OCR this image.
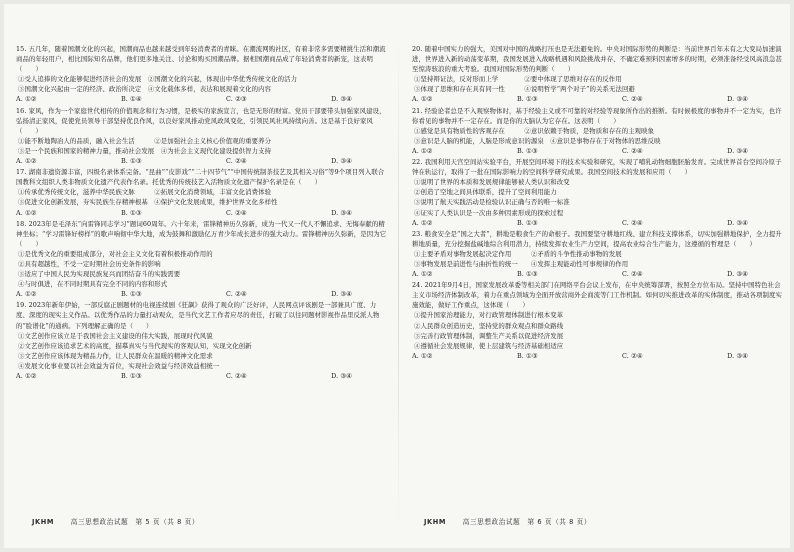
15. 五几年，随着国潮文化的兴起，国潮商品也越来越受到年轻消费者的青睐。在潮流网购社区，有着非常多需要精挑生活和潮流商品的年轻用户，相比国际知名品牌，他们更多地关注、讨论和购买国潮品牌。据相国潮商品成了年轻消费者的新宠，这表明（　　）
①受人追捧的文化能够促进经济社会的发展　②国潮文化的兴起，体现出中华优秀传统文化的活力
③国潮文化兴起由一定的经济、政治所决定　④文化载体多样，表达和展现着文化的内容
A. ①②	B. ①④	C. ②③	D. ③④
16. 家风，作为一个家庭世代相传的价值观念和行为习惯，是极实的家族宣言，也是无形的财富。党员干部要带头加强家风建设，弘扬清正家风，促使党员领导干部坚持优良作风，以良好家风推动党风政风变化，引领民风社风持续向善。这是基于良好家风（　　）
①能不断地陶冶人的品质，融入社会生活　　　②是加强社会主义核心价值观的重要养分
③是一个民族和国家的精神力量，推动社会发展　④为社会主义现代化建设提供智力支持
A. ①②	B. ①③	C. ②④	D. ③④
17. 湖南非遗资源丰富，四级名录体系完备。“昆曲”“皮影戏”“二十四节气”“中国传统制茶技艺及其相关习俗”等9个项目列入联合国教科文组织人类非物质文化遗产代表作名录。托优秀的传统技艺入活物质文化遗产保护名录是在（　　）
①传承优秀传统文化，滋养中华民族文脉　　　②拓展文化消费领域，丰富文化消费体验
③促进文化创新发展，夯实民族生存精神根基　④保护文化发展成果，维护世界文化多样性
A. ①②	B. ①③	C. ②④	D. ③④
18. 2023年是毛泽东“向雷锋同志学习”题词60周年。六十年来，雷锋精神历久弥新，成为一代又一代人不懈追求、无悔奉献的精神坐标；“学习雷锋好榜样”的歌声响彻中华大地，成为鼓舞和激励亿万青少年成长进步的强大动力。雷锋精神历久弥新，是因为它（　　）
①是优秀文化的重要组成部分，对社会主义文化有着积极推动作用的
②具有超越性，不受一定时期社会历史条件的影响
③适应了中国人民为实现民族复兴而团结奋斗的实践需要
④与时俱进，在不同时期具有完全不同的内容和形式
A. ①②	B. ①③	C. ②④	D. ③④
19. 2023年新年伊始，一部反腐正剧题材的电视连续剧《狂飙》获得了观众的广泛好评，人民网点评该剧是一部兼具广度、力度、深度的现实主义作品。以优秀作品的力量打动观众，是当代文艺工作者应尽的责任，打破了以往同题材影视作品里反派人物的“脸谱化”的通病。下列理解正确的是（　　）
①文艺创作应该立足于我国社会主义建设的伟大实践，展现时代风貌
②文艺创作应该追求艺术的高度，描摹真实与当代现实的客观认知，实现文化创新
③文艺创作应该体现为精品力作，让人民群众在温暖的精神文化需求
④发展文化事业要以社会效益为首位，实现社会效益与经济效益相统一
A. ①②	B. ①③	C. ②④	D. ③④
20. 随着中国实力的强大，美国对中国的战略打压也是无法避免的。中央对国际形势的判断是：当前世界百年未有之大变局加速演进，世界进入新的动荡变革期，我国发展进入战略机遇和风险挑战并存、不确定难预料因素增多的时期，必须准备经受风高浪急甚至惊涛骇浪的重大考验。我国对国际形势的判断（　　）
①坚持辩证法，反对形而上学　　　　②要中体现了思维对存在的反作用
③体现了思维和存在具有同一性　　　④说明哲学“两个对子”的关系无法回避
A. ①②	B. ①③	C. ②④	D. ③④
21. 经验论者总是不入观察物体时，基于经验主义或不可靠的对经验等现象所作出的推断。有时候极度的事物并不一定为实，也许你看见的事物并不一定存在。而是你的大脑认为它存在。这表明（　　）
①感觉是具有物质性的客观存在　　　②意识依赖于物质，是物质和存在的主观映象
③意识是人脑的机能，人脑是形成意识的源泉　④意识是事物存在于对物体的思维反映
A. ①②	B. ①③	C. ②④	D. ③④
22. 我国利用天宫空间站实验平台，开展空间环境下的技术实验和研究，实现了哺乳动物细胞胚胎发育。完成世界首台空间冷原子钟在轨运行，取得了一批在国际影响力的空间科学研究成果。我国空间技术的发展和应用（　　）
①说明了世界的本质和发展规律能够被人类认识和改变
②创造了空地之间具体联系，提升了空间利用能力
③说明了航天实践活动是检验认识正确与否的唯一标准
④证实了人类认识是一次由多种因素形成的探索过程
A. ①②	B. ①③	C. ②④	D. ③④
23. 粮食安全是“国之大者”，耕地是粮食生产的命根子。我国要坚守耕地红线、建立科技支撑体系，切实加强耕地保护，全力提升耕地质量，充分挖掘盐碱地综合利用潜力，持续发挥农业生产力空间，提高农业综合生产能力，这遵循的哲理是（　　）
①主要矛盾对事物发展起决定作用　　　②矛盾的斗争性推动事物的发展
③事物发展是前进性与曲折性的统一　　④发挥主观能动性可事规律的作用
A. ①②	B. ①③	C. ②④	D. ③④
24. 2021年9月4日，国家发展改革委等相关部门在网络平台会议上发布，在中央统筹部署，按照全方位布局。坚持中国特色社会主义市场经济体制改革，着力在重点领域为全面开放营商外企商流等门工作机制。如何切实推进改革的实体制度，推动各项制度实施效能，做好工作重点，这体现（　　）
①提升国家治理能力，对行政管理体制进行根本变革
②人民群众创造历史，坚持党的群众观点和群众路线
③完善行政管理体制，调整生产关系以促进经济发展
④遵循社会发展规律，使上层建筑与经济基础相适应
A. ①②	B. ①③	C. ②④	D. ③④
JKHM	高三思想政治试题　第 5 页（共 8 页）	JKHM	高三思想政治试题　第 6 页（共 8 页）
